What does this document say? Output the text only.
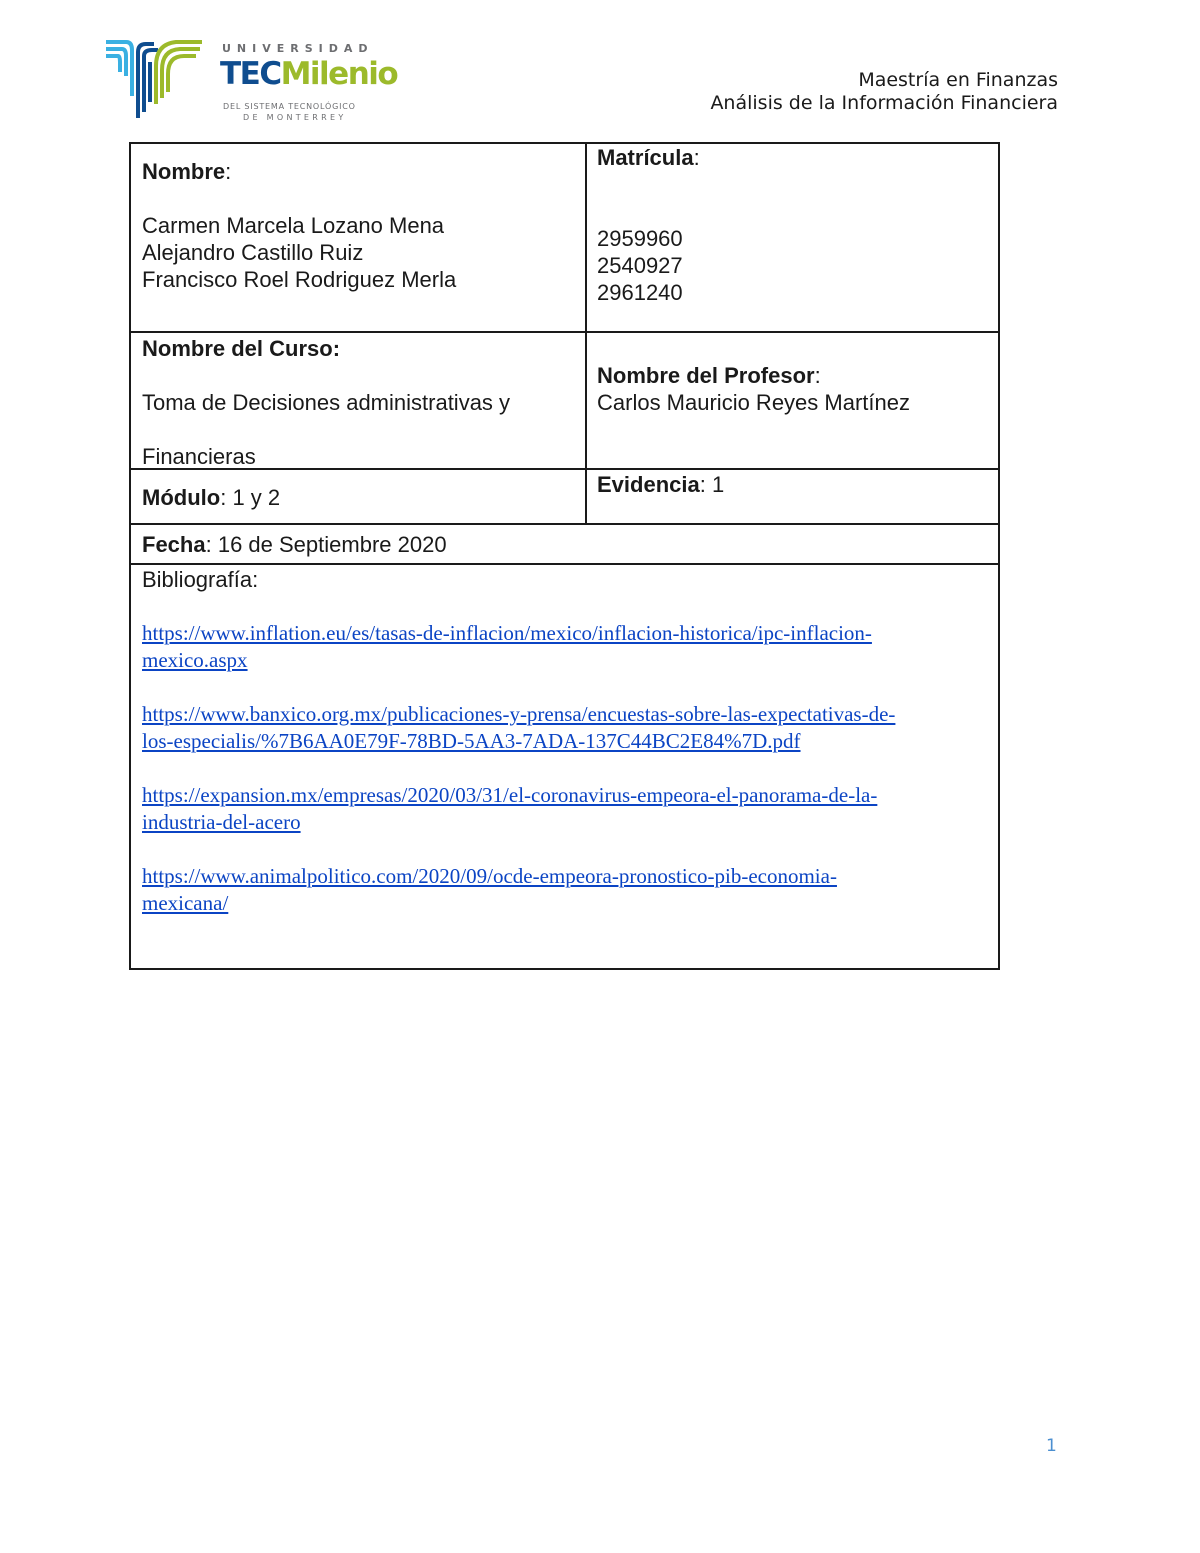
UNIVERSIDAD
TECMilenio
DEL SISTEMA TECNOLÓGICO
DE MONTERREY
Maestría en Finanzas
Análisis de la Información Financiera
Nombre:
Carmen Marcela Lozano Mena
Alejandro Castillo Ruiz
Francisco Roel Rodriguez Merla
Matrícula:
2959960
2540927
2961240
Nombre del Curso:
Toma de Decisiones administrativas y
Financieras
Nombre del Profesor:
Carlos Mauricio Reyes Martínez
Módulo: 1 y 2
Evidencia: 1
Fecha: 16 de Septiembre 2020
Bibliografía:
https://www.inflation.eu/es/tasas-de-inflacion/mexico/inflacion-historica/ipc-inflacion-
mexico.aspx
https://www.banxico.org.mx/publicaciones-y-prensa/encuestas-sobre-las-expectativas-de-
los-especialis/%7B6AA0E79F-78BD-5AA3-7ADA-137C44BC2E84%7D.pdf
https://expansion.mx/empresas/2020/03/31/el-coronavirus-empeora-el-panorama-de-la-
industria-del-acero
https://www.animalpolitico.com/2020/09/ocde-empeora-pronostico-pib-economia-
mexicana/
1
